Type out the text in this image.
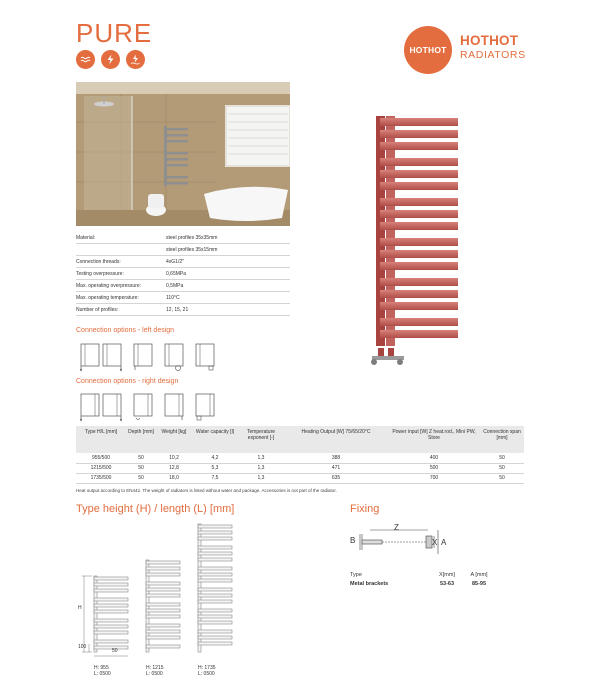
PURE
HOTHOT
HOTHOT
RADIATORS
Material:	steel profiles 35x35mm
steel profiles 35x15mm
Connection threads:	4xG1/2"
Testing overpressure:	0,65MPa
Max. operating overpressure:	0,5MPa
Max. operating temperature:	110°C
Number of profiles:	12, 15, 21
Connection options - left design
Connection options - right design
Type H/L [mm]	Depth [mm]	Weight [kg]	Water capacity [l]	Temperature exponent [-]	Heating Output [W] 75/65/20°C	Power input [W] Z heat.rod., Mini PW, Store	Connection span [mm]
955/500	50	10,2	4,2	1,3	388	400	50
1215/500	50	12,8	5,3	1,3	471	500	50
1735/500	50	18,0	7,5	1,3	635	700	50
Heat output according to EN442. The weight of radiators is listed without water and package. Accessories is not part of the radiator.
Type height (H) / length (L) [mm]
H
100
50
H: 955
L: 0500
H: 1215
L: 0500
H: 1735
L: 0500
Fixing
B
Z
X A
Type	X[mm]	A [mm]
Metal brackets	53-63	85-95
